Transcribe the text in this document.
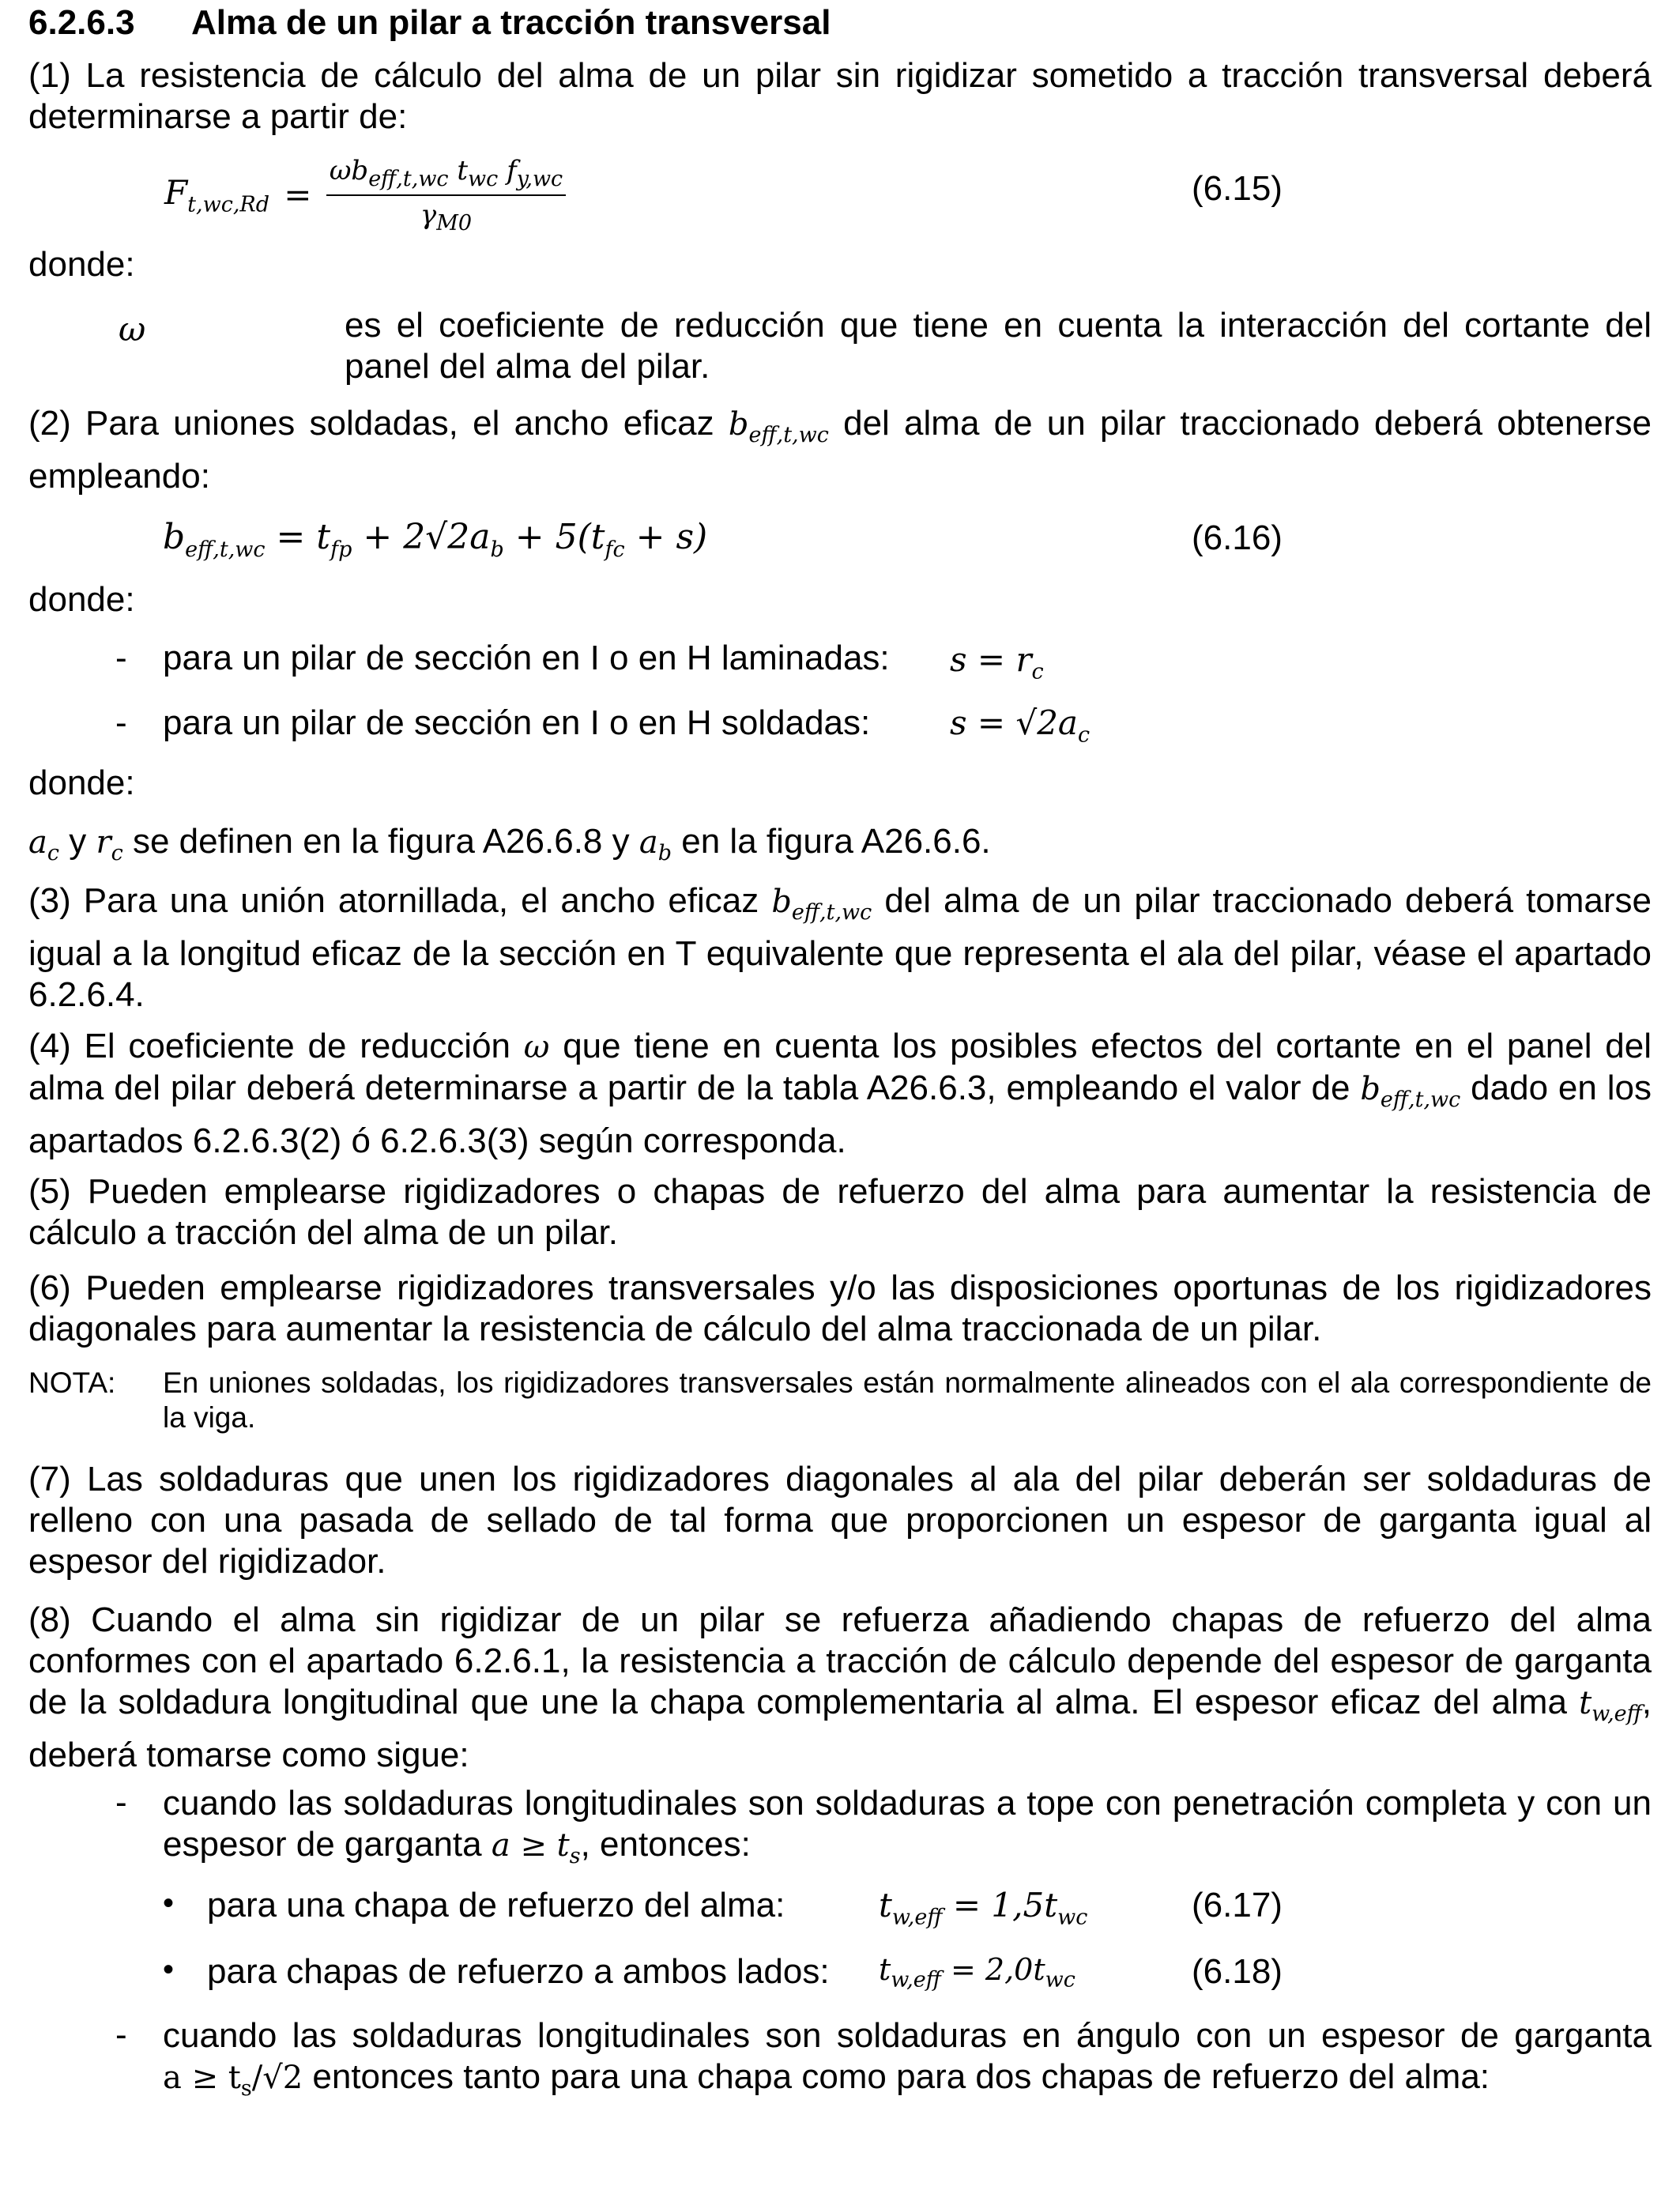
6.2.6.3 Alma de un pilar a tracción transversal

(1) La resistencia de cálculo del alma de un pilar sin rigidizar sometido a tracción transversal deberá determinarse a partir de:

$F_{t,wc,Rd} = \frac{\omega b_{eff,t,wc} t_{wc} f_{y,wc}}{\gamma_{M0}}$	(6.15)
donde:
ω	es el coeficiente de reducción que tiene en cuenta la interacción del cortante del panel del alma del pilar.

(2) Para uniones soldadas, el ancho eficaz $b_{eff,t,wc}$ del alma de un pilar traccionado deberá obtenerse empleando:

$b_{eff,t,wc} = t_{fp} + 2√2a_b + 5(t_{fc} + s)$	(6.16)
donde:
- para un pilar de sección en I o en H laminadas: $s = r_c$
- para un pilar de sección en I o en H soldadas: $s = √2a_c$
donde:
$a_c$ y $r_c$ se definen en la figura A26.6.8 y $a_b$ en la figura A26.6.6.

(3) Para una unión atornillada, el ancho eficaz $b_{eff,t,wc}$ del alma de un pilar traccionado deberá tomarse igual a la longitud eficaz de la sección en T equivalente que representa el ala del pilar, véase el apartado 6.2.6.4.

(4) El coeficiente de reducción ω que tiene en cuenta los posibles efectos del cortante en el panel del alma del pilar deberá determinarse a partir de la tabla A26.6.3, empleando el valor de $b_{eff,t,wc}$ dado en los apartados 6.2.6.3(2) ó 6.2.6.3(3) según corresponda.

(5) Pueden emplearse rigidizadores o chapas de refuerzo del alma para aumentar la resistencia de cálculo a tracción del alma de un pilar.

(6) Pueden emplearse rigidizadores transversales y/o las disposiciones oportunas de los rigidizadores diagonales para aumentar la resistencia de cálculo del alma traccionada de un pilar.

NOTA:	En uniones soldadas, los rigidizadores transversales están normalmente alineados con el ala correspondiente de la viga.

(7) Las soldaduras que unen los rigidizadores diagonales al ala del pilar deberán ser soldaduras de relleno con una pasada de sellado de tal forma que proporcionen un espesor de garganta igual al espesor del rigidizador.

(8) Cuando el alma sin rigidizar de un pilar se refuerza añadiendo chapas de refuerzo del alma conformes con el apartado 6.2.6.1, la resistencia a tracción de cálculo depende del espesor de garganta de la soldadura longitudinal que une la chapa complementaria al alma. El espesor eficaz del alma $t_{w,eff}$, deberá tomarse como sigue:

- cuando las soldaduras longitudinales son soldaduras a tope con penetración completa y con un espesor de garganta $a \ge t_s$, entonces:

• para una chapa de refuerzo del alma:	$t_{w,eff} = 1,5t_{wc}$	(6.17)
• para chapas de refuerzo a ambos lados: $t_{w,eff} = 2,0t_{wc}$	(6.18)
- cuando las soldaduras longitudinales son soldaduras en ángulo con un espesor de garganta $a \ge t_s/√2$ entonces tanto para una chapa como para dos chapas de refuerzo del alma:
